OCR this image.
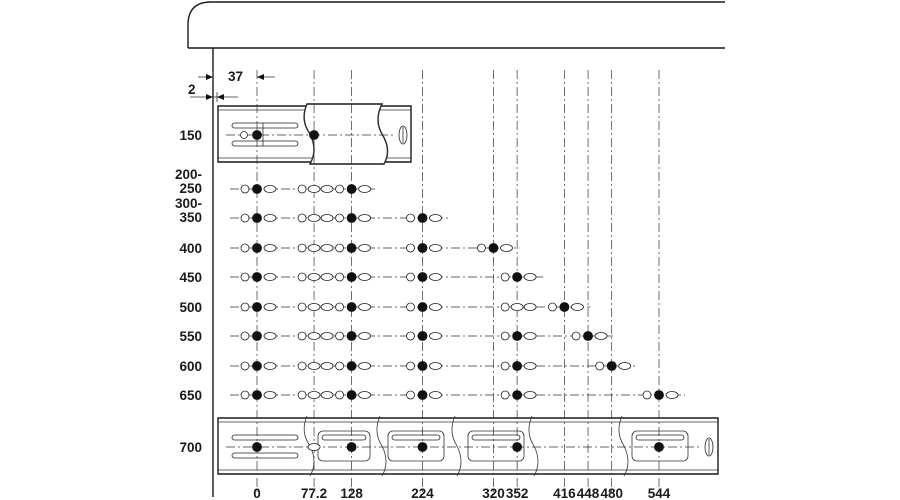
37
2
150
200-250
300-350
400
450
500
550
600
650
700
0	77.2 128	224	320 352 416 448 480 544
